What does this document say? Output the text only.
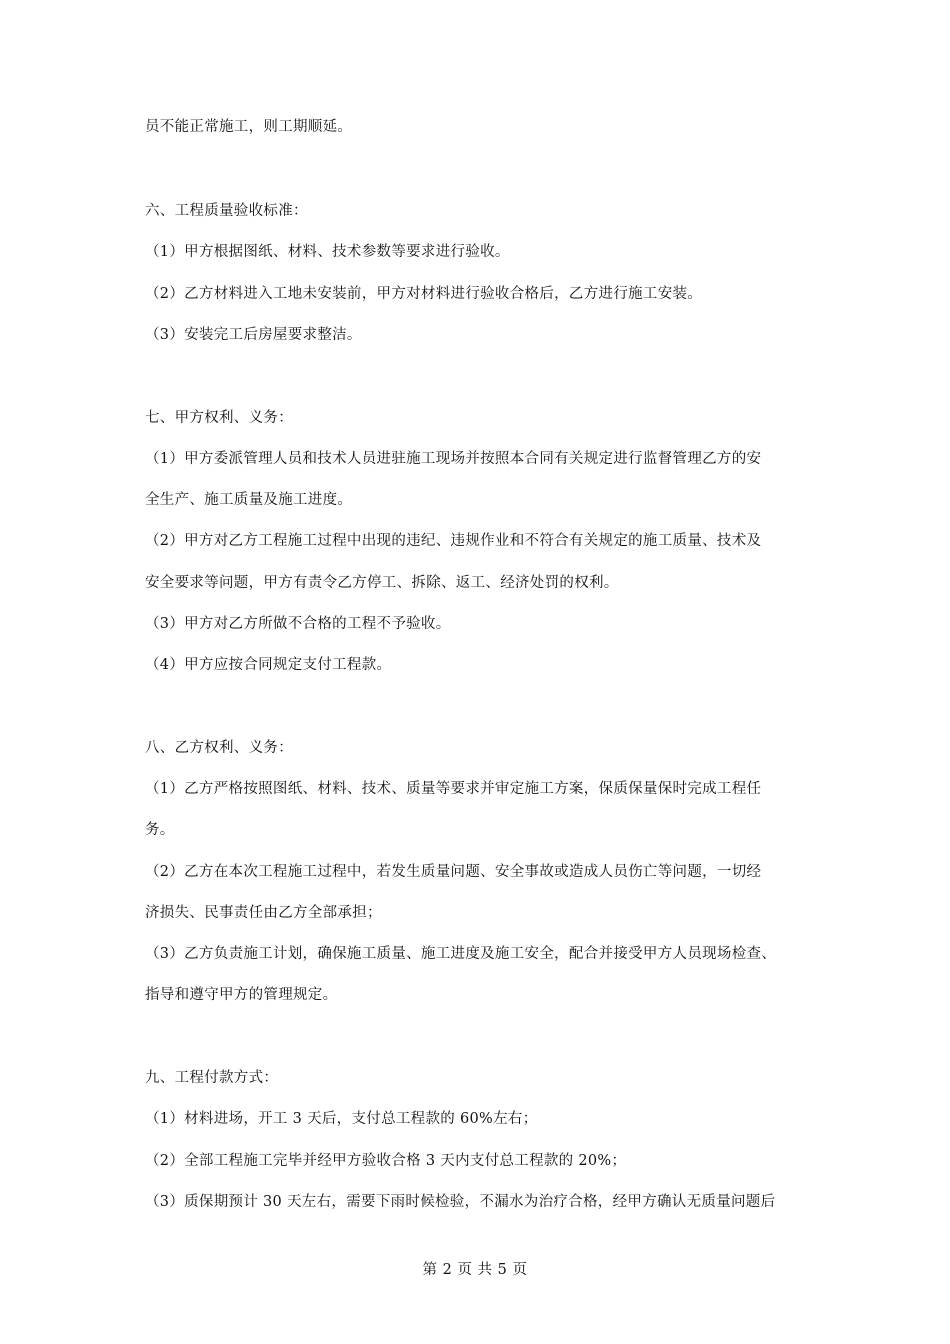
员不能正常施工，则工期顺延。
六、工程质量验收标准：
（1）甲方根据图纸、材料、技术参数等要求进行验收。
（2）乙方材料进入工地未安装前，甲方对材料进行验收合格后，乙方进行施工安装。
（3）安装完工后房屋要求整洁。
七、甲方权利、义务：
（1）甲方委派管理人员和技术人员进驻施工现场并按照本合同有关规定进行监督管理乙方的安
全生产、施工质量及施工进度。
（2）甲方对乙方工程施工过程中出现的违纪、违规作业和不符合有关规定的施工质量、技术及
安全要求等问题，甲方有责令乙方停工、拆除、返工、经济处罚的权利。
（3）甲方对乙方所做不合格的工程不予验收。
（4）甲方应按合同规定支付工程款。
八、乙方权利、义务：
（1）乙方严格按照图纸、材料、技术、质量等要求并审定施工方案，保质保量保时完成工程任
务。
（2）乙方在本次工程施工过程中，若发生质量问题、安全事故或造成人员伤亡等问题，一切经
济损失、民事责任由乙方全部承担；
（3）乙方负责施工计划，确保施工质量、施工进度及施工安全，配合并接受甲方人员现场检查、
指导和遵守甲方的管理规定。
九、工程付款方式：
（1）材料进场，开工 3 天后，支付总工程款的 60%左右；
（2）全部工程施工完毕并经甲方验收合格 3 天内支付总工程款的 20%；
（3）质保期预计 30 天左右，需要下雨时候检验，不漏水为治疗合格，经甲方确认无质量问题后
第 2 页 共 5 页
